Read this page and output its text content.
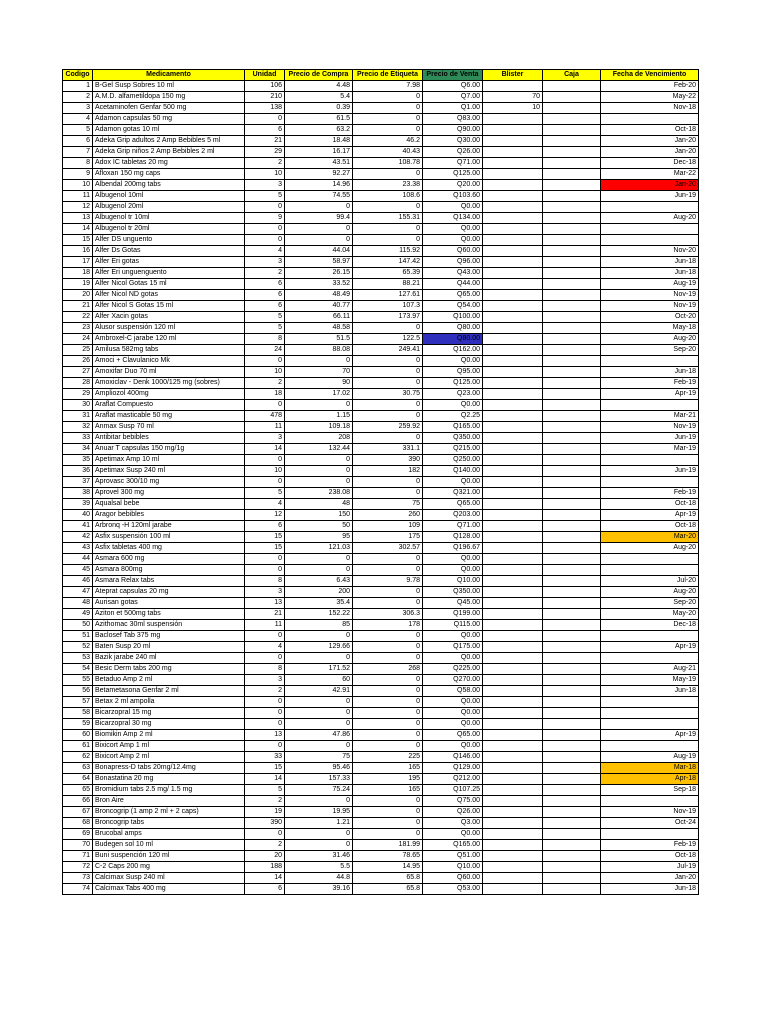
Codigo	Medicamento	Unidad	Precio de Compra	Precio de Etiqueta	Precio de Venta	Blister	Caja	Fecha de Vencimiento
1	B-Gel Susp Sobres 10 ml	106	4.48	7.98	Q6.00			Feb-20
2	A.M.D. alfametildopa 150 mg	210	5.4	0	Q7.00	70		May-22
3	Acetaminofen Genfar 500 mg	138	0.39	0	Q1.00	10		Nov-18
4	Adamon capsulas 50 mg	0	61.5	0	Q83.00			
5	Adamon gotas 10 ml	6	63.2	0	Q90.00			Oct-18
6	Adeka Grip adultos 2 Amp Bebibles 5 ml	21	18.48	46.2	Q30.00			Jan-20
7	Adeka Grip niños 2 Amp Bebibles 2 ml	29	16.17	40.43	Q26.00			Jan-20
8	Adox IC tabletas 20 mg	2	43.51	108.78	Q71.00			Dec-18
9	Afloxan 150 mg caps	10	92.27	0	Q125.00			Mar-22
10	Albendal 200mg tabs	3	14.96	23.38	Q20.00			Jan-20
11	Albugenol 10ml	5	74.55	108.6	Q103.60			Jun-19
12	Albugenol 20ml	0	0	0	Q0.00			
13	Albugenol tr 10ml	9	99.4	155.31	Q134.00			Aug-20
14	Albugenol tr 20ml	0	0	0	Q0.00			
15	Alfer DS unguento	0	0	0	Q0.00			
16	Alfer Ds Gotas	4	44.04	115.92	Q60.00			Nov-20
17	Alfer Eri gotas	3	58.97	147.42	Q96.00			Jun-18
18	Alfer Eri unguenguento	2	26.15	65.39	Q43.00			Jun-18
19	Alfer Nicol Gotas 15 ml	6	33.52	88.21	Q44.00			Aug-19
20	Alfer Nicol ND gotas	6	48.49	127.61	Q65.00			Nov-19
21	Alfer Nicol S Gotas 15 ml	6	40.77	107.3	Q54.00			Nov-19
22	Alfer Xacin gotas	5	66.11	173.97	Q100.00			Oct-20
23	Alusor suspensión 120 ml	5	48.58	0	Q80.00			May-18
24	Ambroxel-C jarabe 120 ml	8	51.5	122.5	Q80.00			Aug-20
25	Amilusa 582mg tabs	24	88.08	249.41	Q162.00			Sep-20
26	Amoci + Clavulanico Mk	0	0	0	Q0.00			
27	Amoxifar Duo 70 ml	10	70	0	Q95.00			Jun-18
28	Amoxiclav - Denk 1000/125 mg (sobres)	2	90	0	Q125.00			Feb-19
29	Ampliozol 400mg	18	17.02	30.75	Q23.00			Apr-19
30	Araflat Compuesto	0	0	0	Q0.00			
31	Araflat masticable 50 mg	478	1.15	0	Q2.25			Mar-21
32	Anmax Susp 70 ml	11	109.18	259.92	Q165.00			Nov-19
33	Antibitar bebibles	3	208	0	Q350.00			Jun-19
34	Anuar T capsulas 150 mg/1g	14	132.44	331.1	Q215.00			Mar-19
35	Apetimax Amp 10 ml	0	0	390	Q250.00			
36	Apetimax Susp 240 ml	10	0	182	Q140.00			Jun-19
37	Aprovasc 300/10 mg	0	0	0	Q0.00			
38	Aprovel 300 mg	5	238.08	0	Q321.00			Feb-19
39	Aqualsal bebe	4	48	75	Q65.00			Oct-18
40	Aragor bebibles	12	150	260	Q203.00			Apr-19
41	Arbronq -H 120ml jarabe	6	50	109	Q71.00			Oct-18
42	Asfix suspensión 100 ml	15	95	175	Q128.00			Mar-20
43	Asfix tabletas 400 mg	15	121.03	302.57	Q196.67			Aug-20
44	Asmara 600 mg	0	0	0	Q0.00			
45	Asmara 800mg	0	0	0	Q0.00			
46	Asmara Relax tabs	8	6.43	9.78	Q10.00			Jul-20
47	Ateprat capsulas 20 mg	3	200	0	Q350.00			Aug-20
48	Aurisan gotas	13	35.4	0	Q45.00			Sep-20
49	Aziton et 500mg tabs	21	152.22	306.3	Q199.00			May-20
50	Azithomac 30ml suspensión	11	85	178	Q115.00			Dec-18
51	Baclosef Tab 375 mg	0	0	0	Q0.00			
52	Baten Susp 20 ml	4	129.66	0	Q175.00			Apr-19
53	Bazik jarabe 240 ml	0	0	0	Q0.00			
54	Besic Derm tabs 200 mg	8	171.52	268	Q225.00			Aug-21
55	Betaduo Amp 2 ml	3	60	0	Q270.00			May-19
56	Betametasona Genfar 2 ml	2	42.91	0	Q58.00			Jun-18
57	Betax 2 ml ampolla	0	0	0	Q0.00			
58	Bicarzopral 15 mg	0	0	0	Q0.00			
59	Bicarzopral 30 mg	0	0	0	Q0.00			
60	Biomikin Amp 2 ml	13	47.86	0	Q65.00			Apr-19
61	Bixicort Amp 1 ml	0	0	0	Q0.00			
62	Bixicort Amp 2 ml	33	75	225	Q146.00			Aug-19
63	Bonapress-D tabs 20mg/12.4mg	15	95.46	165	Q129.00			Mar-18
64	Bonastatina 20 mg	14	157.33	195	Q212.00			Apr-18
65	Bromidium tabs 2.5 mg/ 1.5 mg	5	75.24	165	Q107.25			Sep-18
66	Bron Aire	2	0	0	Q75.00			
67	Broncogrip (1 amp 2 ml + 2 caps)	19	19.95	0	Q26.00			Nov-19
68	Broncogrip tabs	390	1.21	0	Q3.00			Oct-24
69	Brucobal amps	0	0	0	Q0.00			
70	Budegen sol 10 ml	2	0	181.99	Q165.00			Feb-19
71	Buni suspención 120 ml	20	31.46	78.65	Q51.00			Oct-18
72	C-2 Caps 200 mg	188	5.5	14.95	Q10.00			Jul-19
73	Calcimax Susp 240 ml	14	44.8	65.8	Q60.00			Jan-20
74	Calcimax Tabs 400 mg	6	39.16	65.8	Q53.00			Jun-18
